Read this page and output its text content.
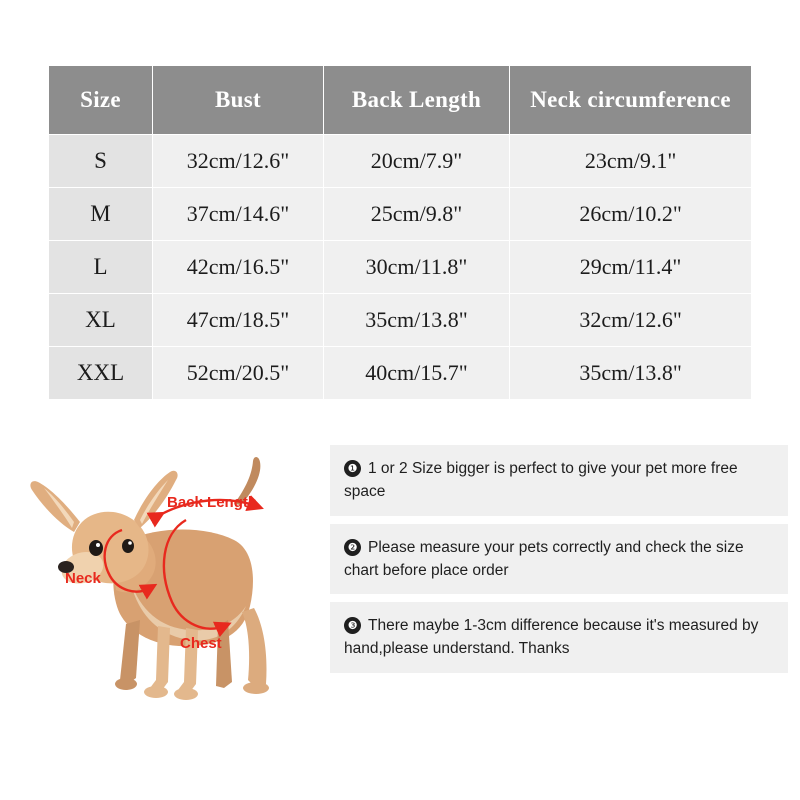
Size	Bust	Back Length	Neck circumference
S	32cm/12.6"	20cm/7.9"	23cm/9.1"
M	37cm/14.6"	25cm/9.8"	26cm/10.2"
L	42cm/16.5"	30cm/11.8"	29cm/11.4"
XL	47cm/18.5"	35cm/13.8"	32cm/12.6"
XXL	52cm/20.5"	40cm/15.7"	35cm/13.8"
Back Length
Neck
Chest
❶ 1 or 2 Size bigger is perfect to give your pet more free space
❷ Please measure your pets correctly and check the size chart before place order
❸ There maybe 1-3cm difference because it's measured by hand,please understand. Thanks
